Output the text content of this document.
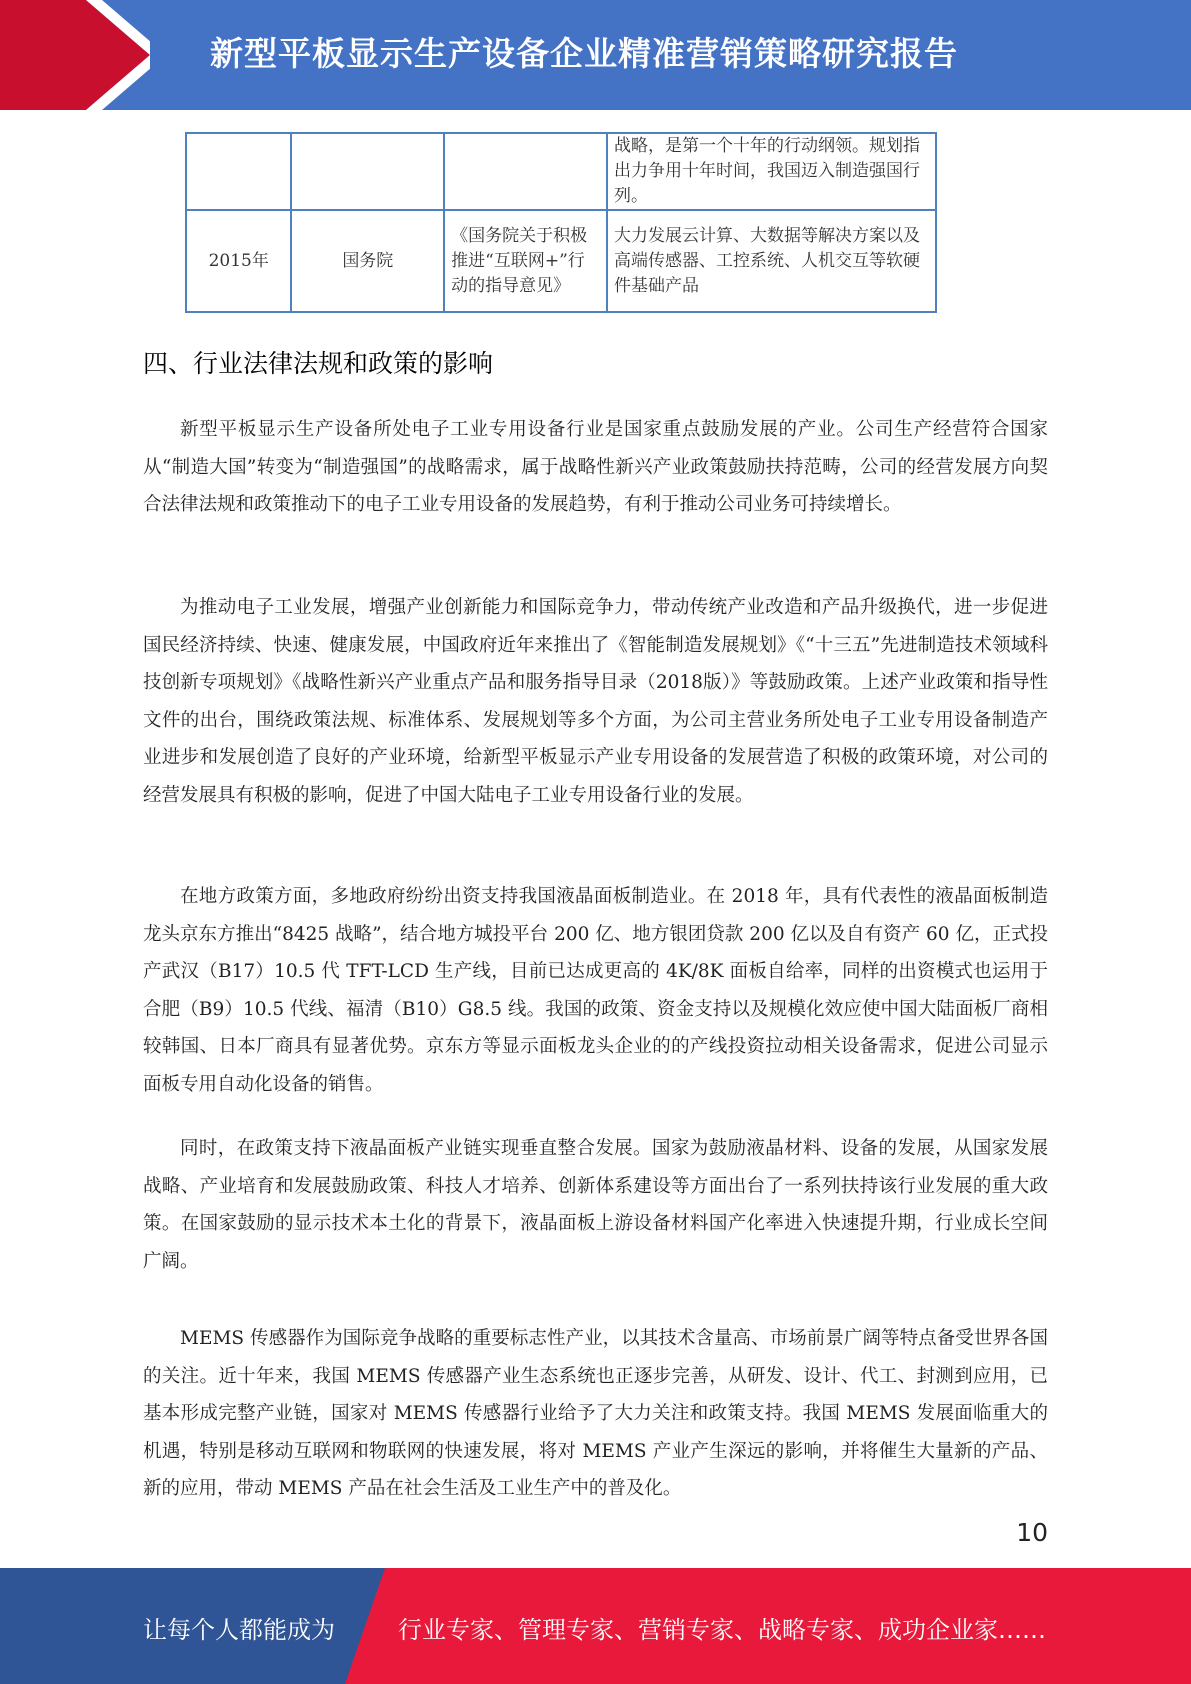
新型平板显示生产设备企业精准营销策略研究报告
			战略，是第一个十年的行动纲领。规划指出力争用十年时间，我国迈入制造强国行列。
2015年	国务院	《国务院关于积极推进“互联网+”行动的指导意见》	大力发展云计算、大数据等解决方案以及高端传感器、工控系统、人机交互等软硬件基础产品
四、行业法律法规和政策的影响

新型平板显示生产设备所处电子工业专用设备行业是国家重点鼓励发展的产业。公司生产经营符合国家从“制造大国”转变为“制造强国”的战略需求，属于战略性新兴产业政策鼓励扶持范畴，公司的经营发展方向契合法律法规和政策推动下的电子工业专用设备的发展趋势，有利于推动公司业务可持续增长。

为推动电子工业发展，增强产业创新能力和国际竞争力，带动传统产业改造和产品升级换代，进一步促进国民经济持续、快速、健康发展，中国政府近年来推出了《智能制造发展规划》《“十三五”先进制造技术领域科技创新专项规划》《战略性新兴产业重点产品和服务指导目录（2018版）》等鼓励政策。上述产业政策和指导性文件的出台，围绕政策法规、标准体系、发展规划等多个方面，为公司主营业务所处电子工业专用设备制造产业进步和发展创造了良好的产业环境，给新型平板显示产业专用设备的发展营造了积极的政策环境，对公司的经营发展具有积极的影响，促进了中国大陆电子工业专用设备行业的发展。

在地方政策方面，多地政府纷纷出资支持我国液晶面板制造业。在 2018 年，具有代表性的液晶面板制造龙头京东方推出“8425 战略”，结合地方城投平台 200 亿、地方银团贷款 200 亿以及自有资产 60 亿，正式投产武汉（B17）10.5 代 TFT-LCD 生产线，目前已达成更高的 4K/8K 面板自给率，同样的出资模式也运用于合肥（B9）10.5 代线、福清（B10）G8.5 线。我国的政策、资金支持以及规模化效应使中国大陆面板厂商相较韩国、日本厂商具有显著优势。京东方等显示面板龙头企业的的产线投资拉动相关设备需求，促进公司显示面板专用自动化设备的销售。

同时，在政策支持下液晶面板产业链实现垂直整合发展。国家为鼓励液晶材料、设备的发展，从国家发展战略、产业培育和发展鼓励政策、科技人才培养、创新体系建设等方面出台了一系列扶持该行业发展的重大政策。在国家鼓励的显示技术本土化的背景下，液晶面板上游设备材料国产化率进入快速提升期，行业成长空间广阔。

MEMS 传感器作为国际竞争战略的重要标志性产业，以其技术含量高、市场前景广阔等特点备受世界各国的关注。近十年来，我国 MEMS 传感器产业生态系统也正逐步完善，从研发、设计、代工、封测到应用，已基本形成完整产业链，国家对 MEMS 传感器行业给予了大力关注和政策支持。我国 MEMS 发展面临重大的机遇，特别是移动互联网和物联网的快速发展，将对 MEMS 产业产生深远的影响，并将催生大量新的产品、新的应用，带动 MEMS 产品在社会生活及工业生产中的普及化。

10
让每个人都能成为	行业专家、管理专家、营销专家、战略专家、成功企业家……
